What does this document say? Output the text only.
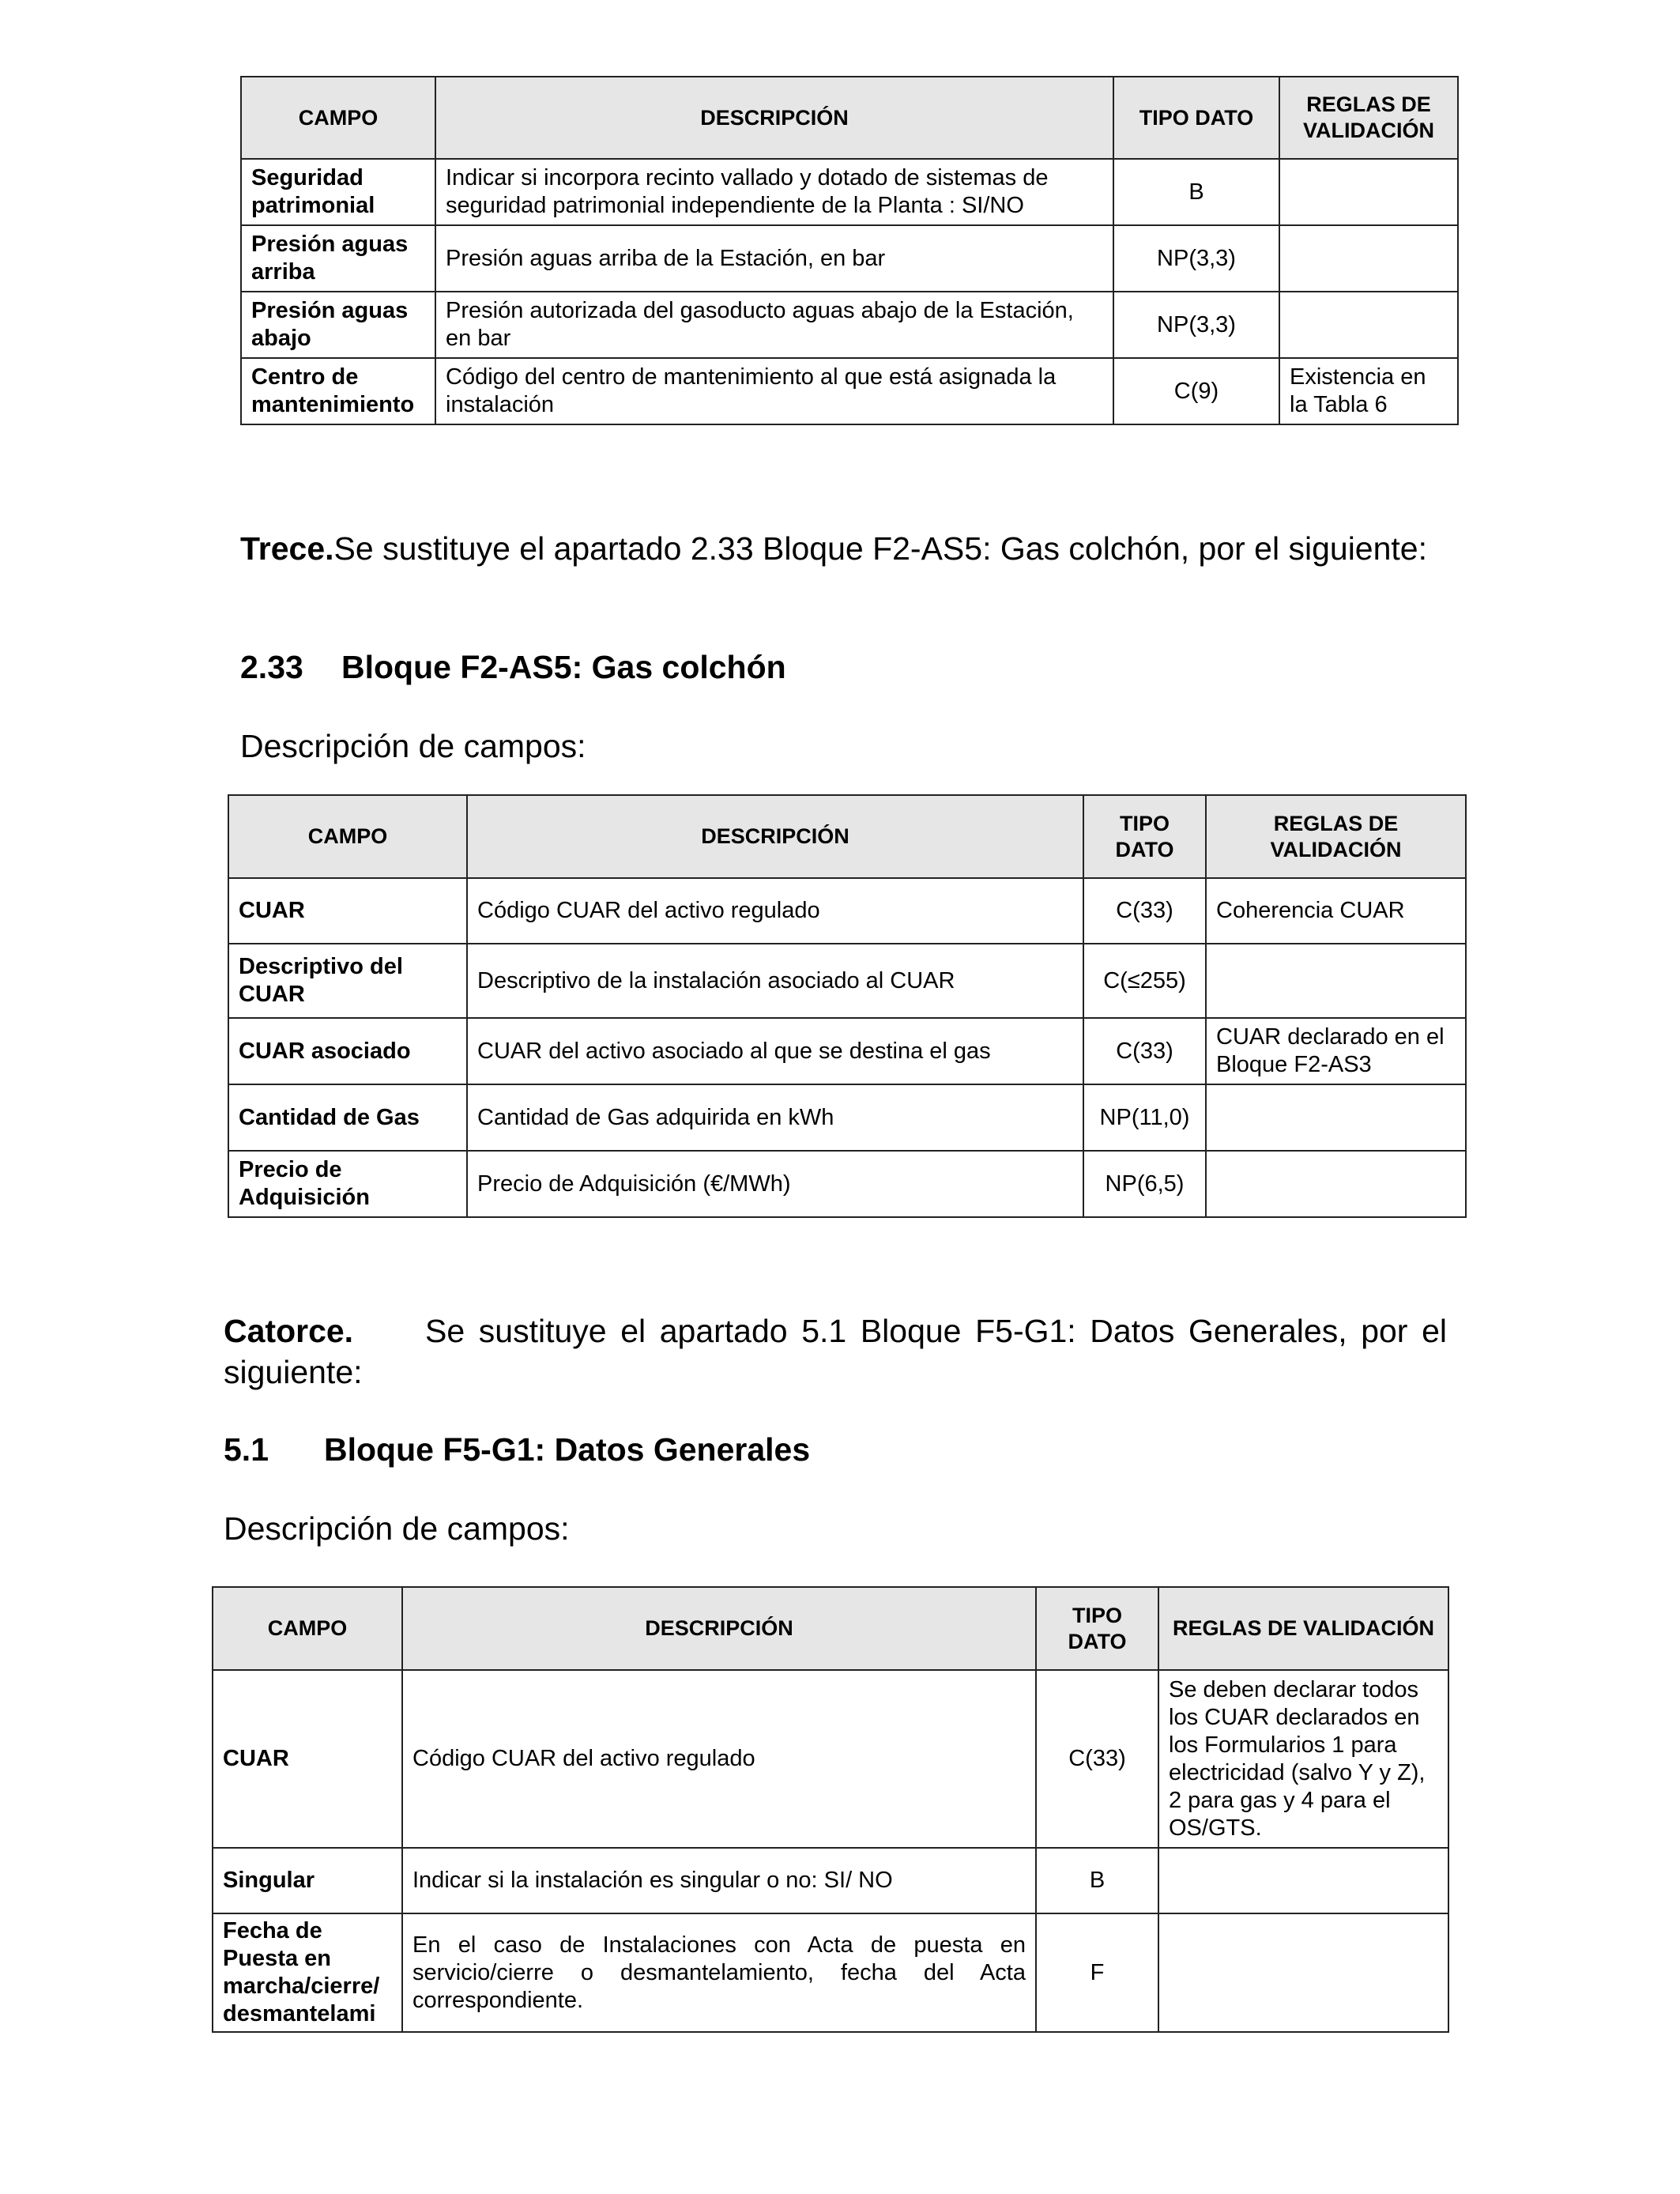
CAMPO	DESCRIPCIÓN	TIPO DATO	REGLAS DE VALIDACIÓN
Seguridad patrimonial	Indicar si incorpora recinto vallado y dotado de sistemas de seguridad patrimonial independiente de la Planta : SI/NO	B	
Presión aguas arriba	Presión aguas arriba de la Estación, en bar	NP(3,3)	
Presión aguas abajo	Presión autorizada del gasoducto aguas abajo de la Estación, en bar	NP(3,3)	
Centro de mantenimiento	Código del centro de mantenimiento al que está asignada la instalación	C(9)	Existencia en la Tabla 6

Trece.Se sustituye el apartado 2.33 Bloque F2-AS5: Gas colchón, por el siguiente:

2.33 Bloque F2-AS5: Gas colchón

Descripción de campos:

CAMPO	DESCRIPCIÓN	TIPO DATO	REGLAS DE VALIDACIÓN
CUAR	Código CUAR del activo regulado	C(33)	Coherencia CUAR
Descriptivo del CUAR	Descriptivo de la instalación asociado al CUAR	C(≤255)	
CUAR asociado	CUAR del activo asociado al que se destina el gas	C(33)	CUAR declarado en el Bloque F2-AS3
Cantidad de Gas	Cantidad de Gas adquirida en kWh	NP(11,0)	
Precio de Adquisición	Precio de Adquisición (€/MWh)	NP(6,5)	

Catorce. Se sustituye el apartado 5.1 Bloque F5-G1: Datos Generales, por el siguiente:

5.1 Bloque F5-G1: Datos Generales

Descripción de campos:

CAMPO	DESCRIPCIÓN	TIPO DATO	REGLAS DE VALIDACIÓN
CUAR	Código CUAR del activo regulado	C(33)	Se deben declarar todos los CUAR declarados en los Formularios 1 para electricidad (salvo Y y Z), 2 para gas y 4 para el OS/GTS.
Singular	Indicar si la instalación es singular o no: SI/ NO	B	
Fecha de Puesta en marcha/cierre/ desmantelami	En el caso de Instalaciones con Acta de puesta en servicio/cierre o desmantelamiento, fecha del Acta correspondiente.	F	
